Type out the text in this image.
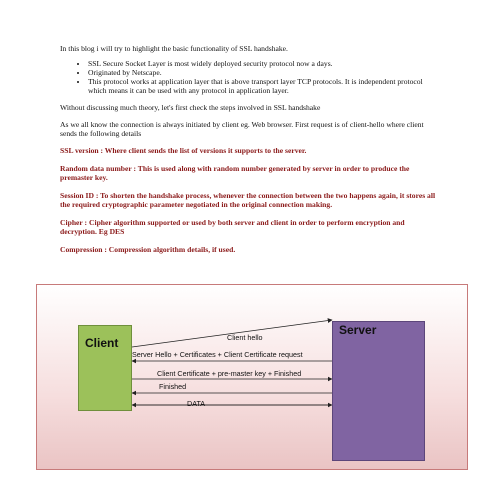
In this blog i will try to highlight the basic functionality of SSL handshake.

• SSL Secure Socket Layer is most widely deployed security protocol now a days.
• Originated by Netscape.
• This protocol works at application layer that is above transport layer TCP protocols. It is independent protocol which means it can be used with any protocol in application layer.

Without discussing much theory, let's first check the steps involved in SSL handshake

As we all know the connection is always initiated by client eg. Web browser. First request is of client-hello where client sends the following details

SSL version : Where client sends the list of versions it supports to the server.

Random data number : This is used along with random number generated by server in order to produce the premaster key.

Session ID : To shorten the handshake process, whenever the connection between the two happens again, it stores all the required cryptographic parameter negotiated in the original connection making.

Cipher : Cipher algorithm supported or used by both server and client in order to perform encryption and decryption. Eg DES

Compression : Compression algorithm details, if used.

Client
Server
Client hello
Server Hello + Certificates + Client Certificate request
Client Certificate + pre-master key + Finished
Finished
DATA
